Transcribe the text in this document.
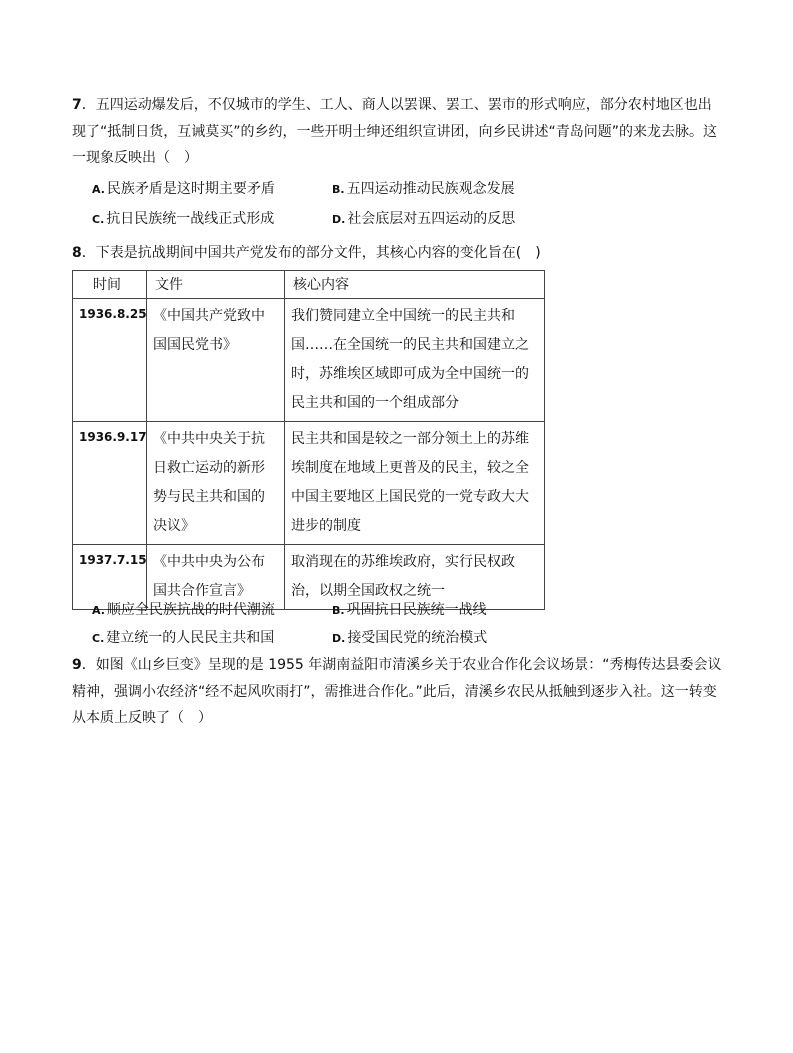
7．五四运动爆发后，不仅城市的学生、工人、商人以罢课、罢工、罢市的形式响应，部分农村地区也出现了“抵制日货，互诫莫买”的乡约，一些开明士绅还组织宣讲团，向乡民讲述“青岛问题”的来龙去脉。这一现象反映出（　）
A. 民族矛盾是这时期主要矛盾	B. 五四运动推动民族观念发展
C. 抗日民族统一战线正式形成	D. 社会底层对五四运动的反思
8．下表是抗战期间中国共产党发布的部分文件，其核心内容的变化旨在(　)
时间	文件	核心内容
1936.8.25	《中国共产党致中国国民党书》	我们赞同建立全中国统一的民主共和国……在全国统一的民主共和国建立之时，苏维埃区域即可成为全中国统一的民主共和国的一个组成部分
1936.9.17	《中共中央关于抗日救亡运动的新形势与民主共和国的决议》	民主共和国是较之一部分领土上的苏维埃制度在地域上更普及的民主，较之全中国主要地区上国民党的一党专政大大进步的制度
1937.7.15	《中共中央为公布国共合作宣言》	取消现在的苏维埃政府，实行民权政治，以期全国政权之统一
A. 顺应全民族抗战的时代潮流	B. 巩固抗日民族统一战线
C. 建立统一的人民民主共和国	D. 接受国民党的统治模式
9．如图《山乡巨变》呈现的是 1955 年湖南益阳市清溪乡关于农业合作化会议场景：“秀梅传达县委会议精神，强调小农经济“经不起风吹雨打”，需推进合作化。”此后，清溪乡农民从抵触到逐步入社。这一转变从本质上反映了（　）
